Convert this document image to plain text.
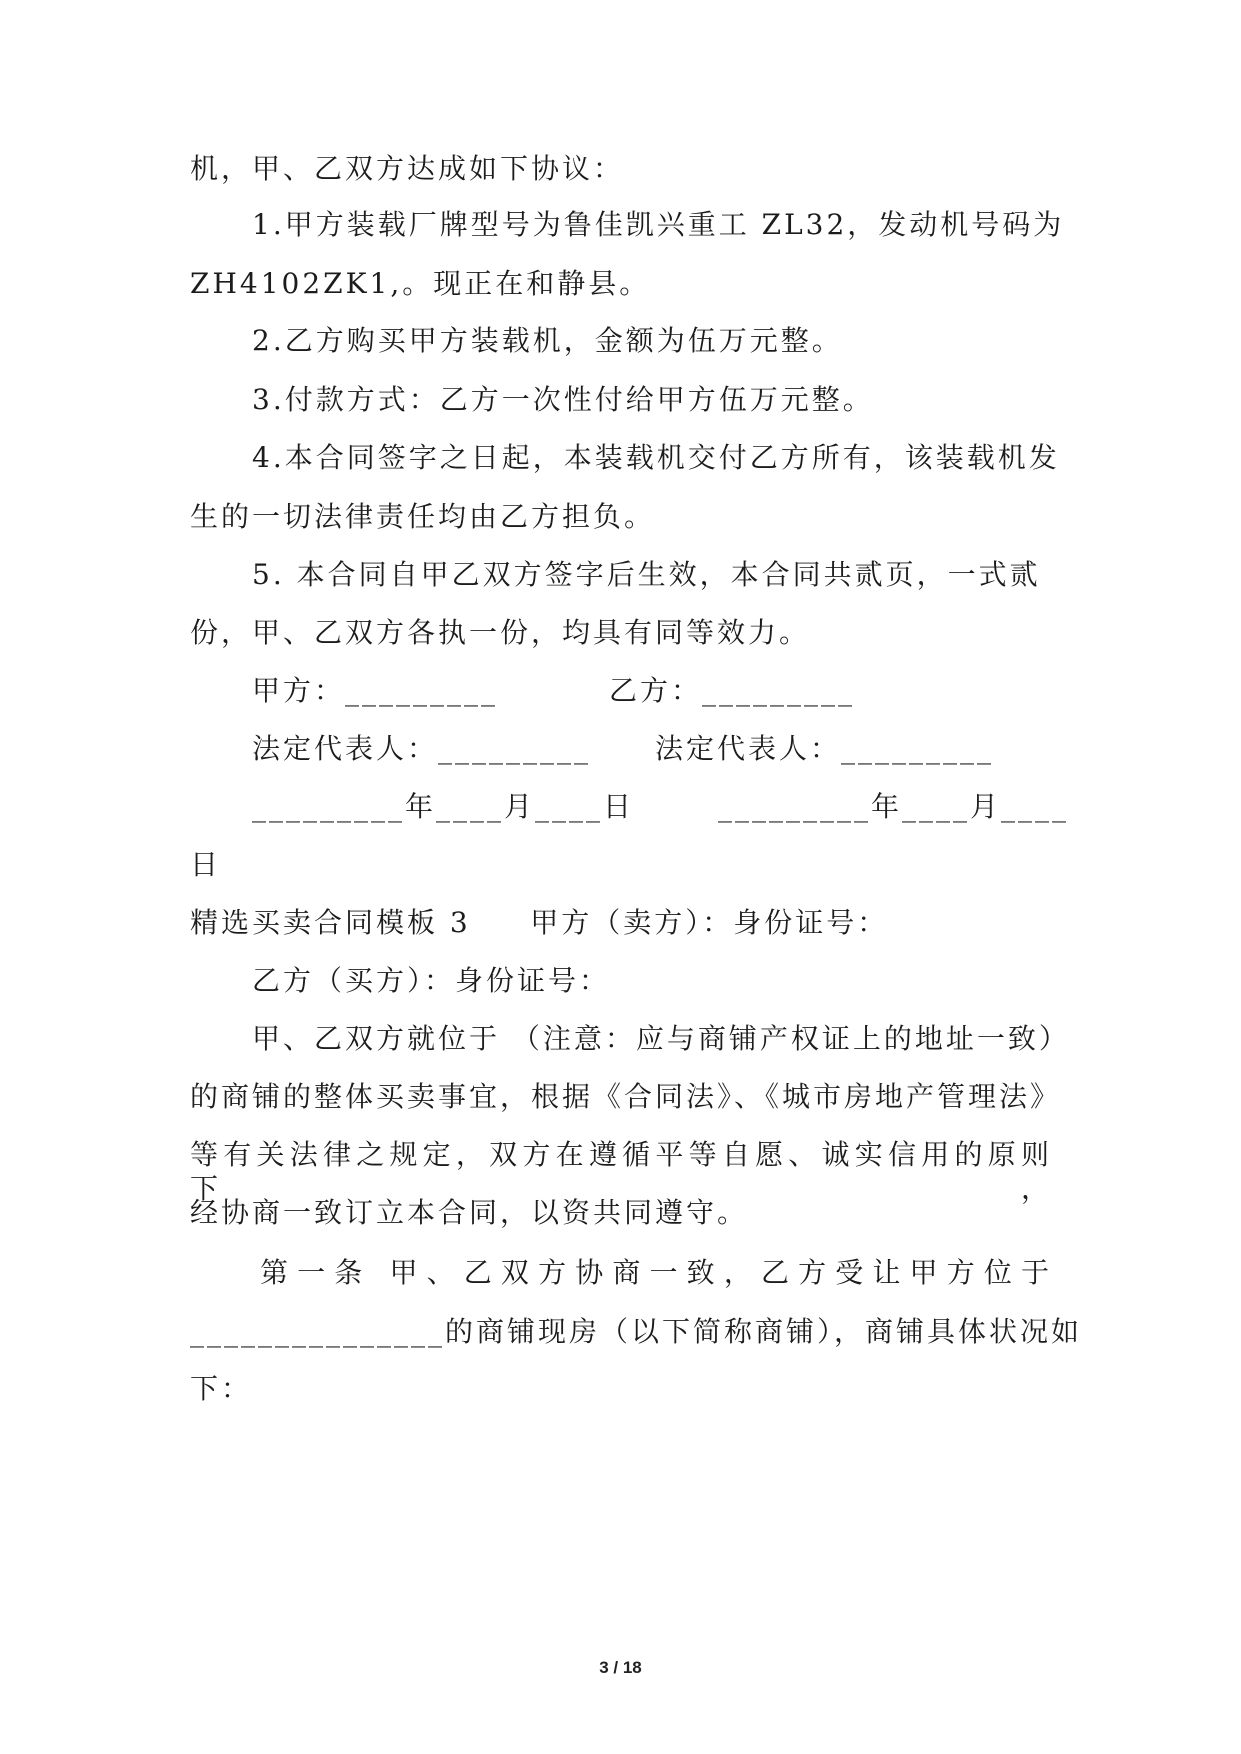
机，甲、乙双方达成如下协议：
1.甲方装载厂牌型号为鲁佳凯兴重工 ZL32，发动机号码为
ZH4102ZK1,。现正在和静县。
2.乙方购买甲方装载机，金额为伍万元整。
3.付款方式：乙方一次性付给甲方伍万元整。
4.本合同签字之日起，本装载机交付乙方所有，该装载机发
生的一切法律责任均由乙方担负。
5. 本合同自甲乙双方签字后生效，本合同共贰页，一式贰
份，甲、乙双方各执一份，均具有同等效力。
甲方：_________	乙方：_________
法定代表人：_________ 法定代表人：_________
_________年____月____日	_________年____月____
日
精选买卖合同模板 3     甲方（卖方）：身份证号：
乙方（买方）：身份证号：
甲、乙双方就位于 （注意：应与商铺产权证上的地址一致）
的商铺的整体买卖事宜，根据《合同法》、《城市房地产管理法》
等有关法律之规定，双方在遵循平等自愿、诚实信用的原则下，
经协商一致订立本合同，以资共同遵守。
第一条 甲、乙双方协商一致，乙方受让甲方位于
_______________的商铺现房（以下简称商铺），商铺具体状况如
下：
3 / 18
